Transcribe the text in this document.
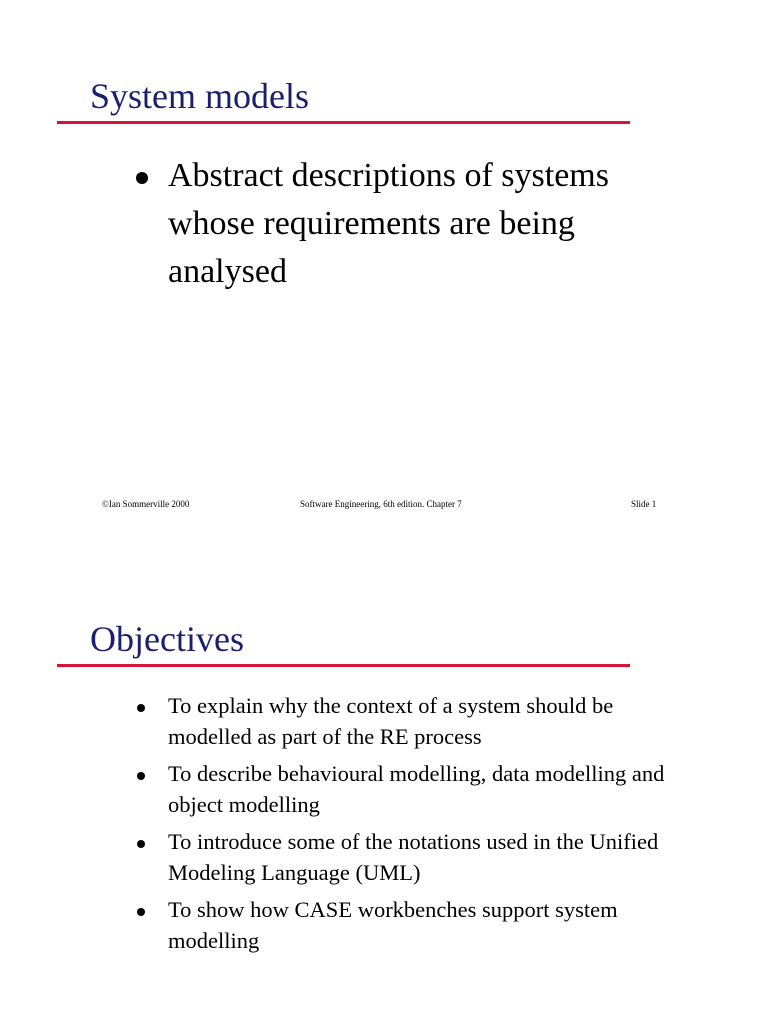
System models
Abstract descriptions of systems whose requirements are being analysed
©Ian Sommerville 2000	Software Engineering, 6th edition. Chapter 7	Slide 1
Objectives
To explain why the context of a system should be modelled as part of the RE process
To describe behavioural modelling, data modelling and object modelling
To introduce some of the notations used in the Unified Modeling Language (UML)
To show how CASE workbenches support system modelling
